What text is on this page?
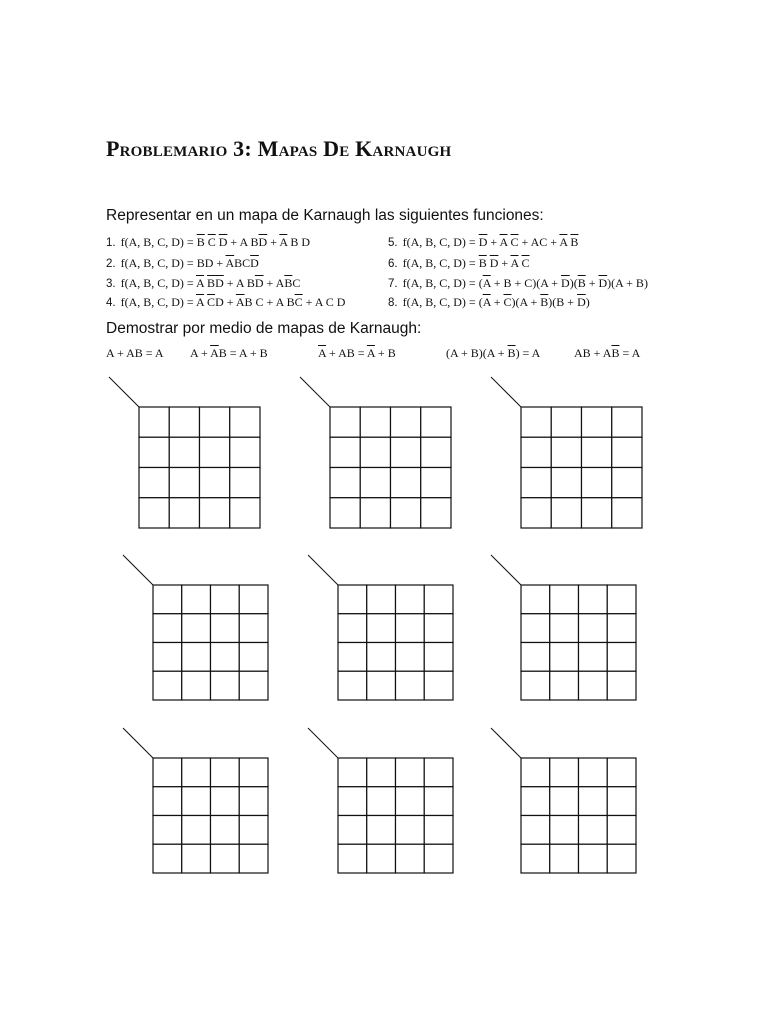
Problemario 3: Mapas De Karnaugh
Representar en un mapa de Karnaugh las siguientes funciones:
1. f(A, B, C, $D) = \overline{B}$ $\overline{C}$ $\overline{D} + A$ $B\overline{D} + \overline{A}$ B D
2. f(A, B, C, D) = BD + $\overline{A}BC\overline{D}$
3. f(A, B, C, $D) = \overline{A}$ $\overline{B}\overline{D} + A$ $B\overline{D} + A\overline{B}C$
4. f(A, B, C, $D) = \overline{A}$ $\overline{C}D + \overline{A}B$ C + A $B\overline{C} + A$ C D
5. f(A, B, C, $D) = \overline{D} + \overline{A}$ $\overline{C}$ + AC + $\overline{A}$ $\overline{B}$
6. f(A, B, C, $D) = \overline{B}$ $\overline{D} + \overline{A}$ $\overline{C}$
7. f(A, B, C, $D) = (\overline{A} + B + C)(A + \overline{D})(\overline{B} + \overline{D})(A + B)$
8. f(A, B, C, $D) = (\overline{A} + \overline{C})(A + \overline{B})(B + \overline{D})$
Demostrar por medio de mapas de Karnaugh:
A + AB = A $A + \overline{A}B = A + B$	$\overline{A}$ + AB = $\overline{A} + B$	$(A + B)(A + \overline{B}) = A$	AB + $A\overline{B} = A$
